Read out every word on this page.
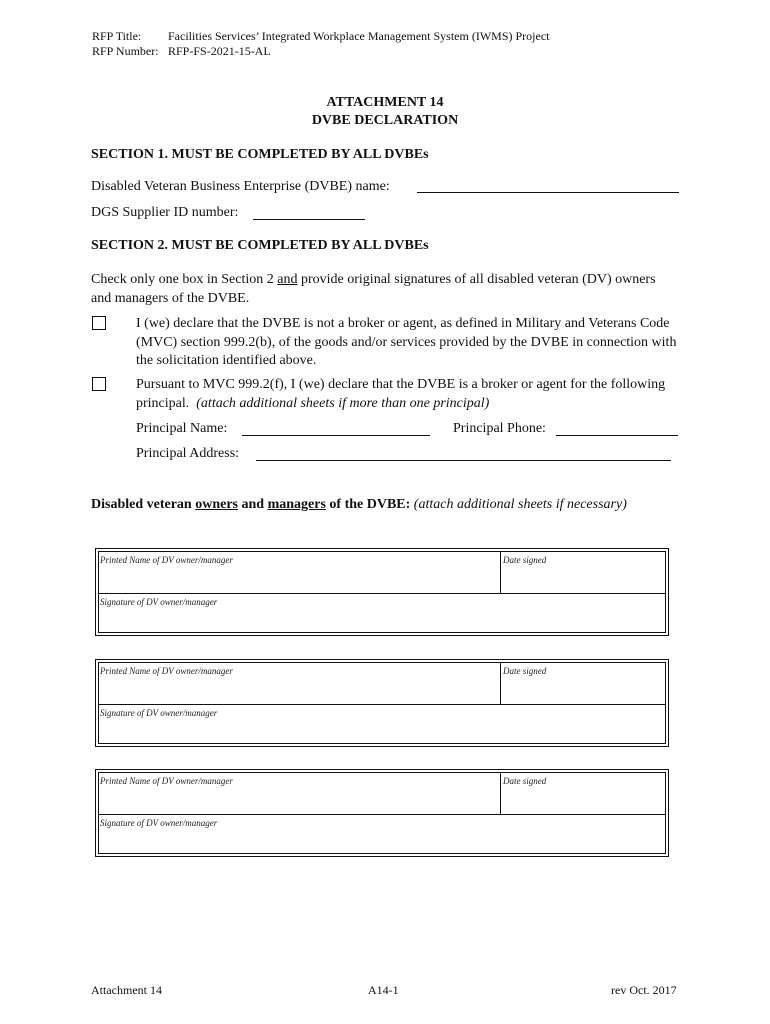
RFP Title: Facilities Services’ Integrated Workplace Management System (IWMS) Project
RFP Number: RFP-FS-2021-15-AL
ATTACHMENT 14
DVBE DECLARATION
SECTION 1. MUST BE COMPLETED BY ALL DVBEs
Disabled Veteran Business Enterprise (DVBE) name:
DGS Supplier ID number:
SECTION 2. MUST BE COMPLETED BY ALL DVBEs
Check only one box in Section 2 and provide original signatures of all disabled veteran (DV) owners and managers of the DVBE.
I (we) declare that the DVBE is not a broker or agent, as defined in Military and Veterans Code (MVC) section 999.2(b), of the goods and/or services provided by the DVBE in connection with the solicitation identified above.
Pursuant to MVC 999.2(f), I (we) declare that the DVBE is a broker or agent for the following principal. (attach additional sheets if more than one principal)
Principal Name:	Principal Phone:
Principal Address:
Disabled veteran owners and managers of the DVBE: (attach additional sheets if necessary)
Printed Name of DV owner/manager	Date signed
Signature of DV owner/manager
Printed Name of DV owner/manager	Date signed
Signature of DV owner/manager
Printed Name of DV owner/manager	Date signed
Signature of DV owner/manager
Attachment 14	A14-1	rev Oct. 2017
